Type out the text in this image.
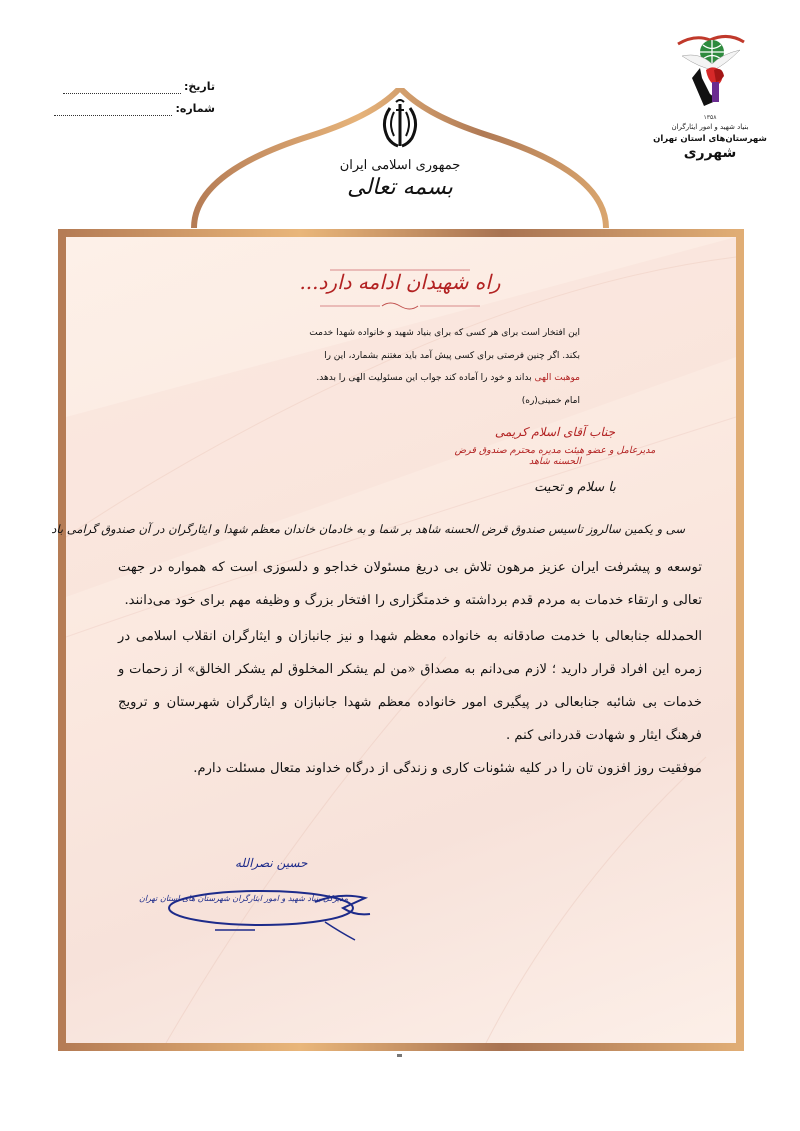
تاریخ:
شماره:
۱۳۵۸
بنیاد شهید و امور ایثارگران
شهرستان‌های استان تهران
شهرری
جمهوری اسلامی ایران
بسمه تعالی
راه شهیدان ادامه دارد...
این افتخار است برای هر کسی که برای بنیاد شهید و خانواده شهدا خدمت
بکند. اگر چنین فرصتی برای کسی پیش آمد باید مغتنم بشمارد، این را
موهبت الهی بداند و خود را آماده کند جواب این مسئولیت الهی را بدهد.
امام خمینی(ره)
جناب آقای اسلام کریمی
مدیرعامل و عضو هیئت مدیره محترم صندوق قرض الحسنه شاهد
با سلام و تحیت
سی و یکمین سالروز تاسیس صندوق قرض الحسنه شاهد بر شما و به خادمان خاندان معظم شهدا و ایثارگران در آن صندوق گرامی باد

توسعه و پیشرفت ایران عزیز مرهون تلاش بی دریغ مسئولان خداجو و دلسوزی است که همواره در جهت تعالی و ارتقاء خدمات به مردم قدم برداشته و خدمتگزاری را افتخار بزرگ و وظیفه مهم برای خود می‌دانند.

الحمدلله جنابعالی با خدمت صادقانه به خانواده معظم شهدا و نیز جانبازان و ایثارگران انقلاب اسلامی در زمره این افراد قرار دارید ؛ لازم می‌دانم به مصداق «من لم یشکر المخلوق لم یشکر الخالق» از زحمات و خدمات بی شائبه جنابعالی در پیگیری امور خانواده معظم شهدا جانبازان و ایثارگران شهرستان و ترویج فرهنگ ایثار و شهادت قدردانی کنم .

موفقیت روز افزون تان را در کلیه شئونات کاری و زندگی از درگاه خداوند متعال مسئلت دارم.

حسین نصرالله
مدیرکل بنیاد شهید و امور ایثارگران شهرستان های استان تهران
